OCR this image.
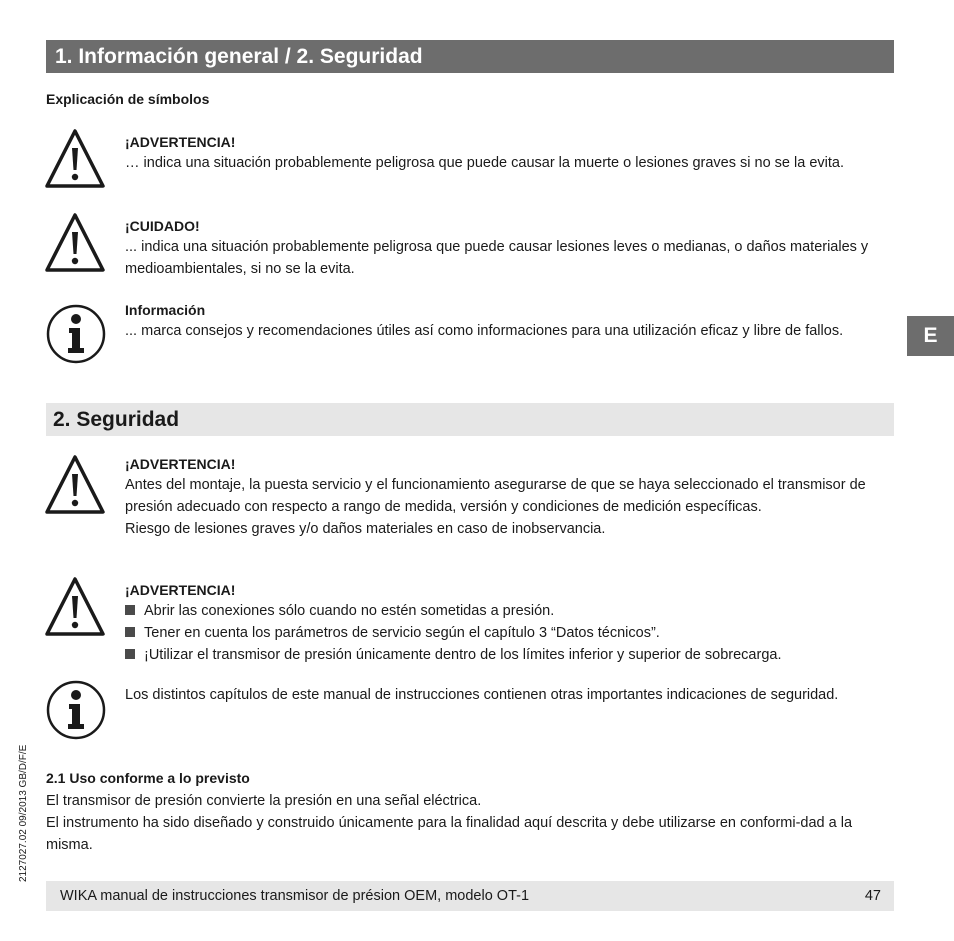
1. Información general / 2. Seguridad
Explicación de símbolos
¡ADVERTENCIA!
… indica una situación probablemente peligrosa que puede causar la muerte o lesiones graves si no se la evita.
¡CUIDADO!
... indica una situación probablemente peligrosa que puede causar lesiones leves o medianas, o daños materiales y medioambientales, si no se la evita.
Información
... marca consejos y recomendaciones útiles así como informaciones para una utilización eficaz y libre de fallos.	E
2. Seguridad
¡ADVERTENCIA!
Antes del montaje, la puesta servicio y el funcionamiento asegurarse de que se haya seleccionado el transmisor de presión adecuado con respecto a rango de medida, versión y condiciones de medición específicas.
Riesgo de lesiones graves y/o daños materiales en caso de inobservancia.
¡ADVERTENCIA!
Abrir las conexiones sólo cuando no estén sometidas a presión.
Tener en cuenta los parámetros de servicio según el capítulo 3 “Datos técnicos”.
¡Utilizar el transmisor de presión únicamente dentro de los límites inferior y superior de sobrecarga.
Los distintos capítulos de este manual de instrucciones contienen otras importantes indicaciones de seguridad.
2127027.02 09/2013 GB/D/F/E 2.1 Uso conforme a lo previsto
El transmisor de presión convierte la presión en una señal eléctrica.
El instrumento ha sido diseñado y construido únicamente para la finalidad aquí descrita y debe utilizarse en conformi-dad a la misma.
WIKA manual de instrucciones transmisor de présion OEM, modelo OT-1	47
